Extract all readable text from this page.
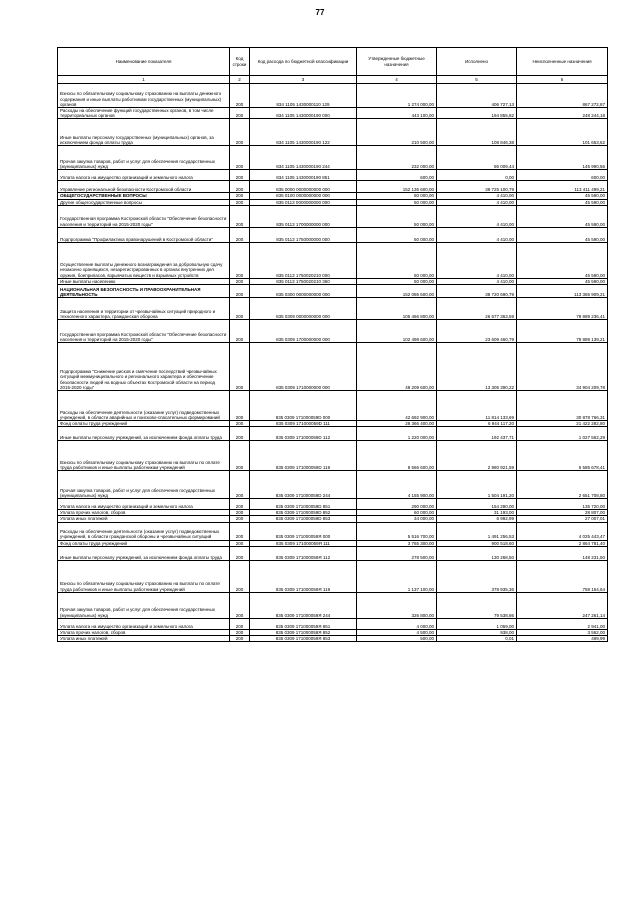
77
Наименование показателя	Код строки	Код расхода по бюджетной классификации	Утвержденные бюджетные назначения	Исполнено	Неисполненные назначения
1	2	3	4	5	6
Взносы по обязательному социальному страхованию на выплаты денежного содержания и иные выплаты работникам государственных (муниципальных) органов	200	834 1105 1430000110 129	1 274 000,00	406 727,13	867 272,87
Расходы на обеспечение функций государственных органов, в том числе территориальных органов	200	834 1105 1430000190 000	443 100,00	194 855,82	248 244,18
Иные выплаты персоналу государственных (муниципальных) органов, за исключением фонда оплаты труда	200	834 1105 1430000190 122	210 500,00	108 846,38	101 653,62
Прочая закупка товаров, работ и услуг для обеспечения государственных (муниципальных) нужд	200	834 1105 1430000190 244	232 000,00	86 009,44	145 990,56
Уплата налога на имущество организаций и земельного налога	200	834 1105 1430000190 851	600,00	0,00	600,00
Управление региональной безопасности Костромской области	200	835 0000 0000000000 000	152 136 600,00	38 725 100,79	113 411 499,21
ОБЩЕГОСУДАРСТВЕННЫЕ ВОПРОСЫ	200	835 0100 0000000000 000	50 000,00	4 410,00	45 590,00
Другие общегосударственные вопросы	200	835 0113 0000000000 000	50 000,00	4 410,00	45 590,00
Государственная программа Костромской области "Обеспечение безопасности населения и территорий на 2015-2020 годы"	200	835 0113 1700000000 000	50 000,00	4 410,00	45 590,00
Подпрограмма "Профилактика правонарушений в Костромской области"	200	835 0113 1750000000 000	50 000,00	4 410,00	45 590,00
Осуществление выплаты денежного вознаграждения за добровольную сдачу незаконно хранящихся, незарегистрированных в органах внутренних дел оружия, боеприпасов, взрывчатых веществ и взрывных устройств	200	835 0113 1750020210 000	50 000,00	4 410,00	45 590,00
Иные выплаты населению	200	835 0113 1750020210 360	50 000,00	4 410,00	45 590,00
НАЦИОНАЛЬНАЯ БЕЗОПАСНОСТЬ И ПРАВООХРАНИТЕЛЬНАЯ ДЕЯТЕЛЬНОСТЬ	200	835 0300 0000000000 000	152 086 600,00	38 720 690,79	113 365 909,21
Защита населения и территории от чрезвычайных ситуаций природного и техногенного характера, гражданская оборона	200	835 0309 0000000000 000	105 466 800,00	26 577 363,59	78 889 236,41
Государственная программа Костромской области "Обеспечение безопасности населения и территорий на 2015-2020 годы"	200	835 0309 1700000000 000	102 498 600,00	23 609 460,79	78 889 139,21
Подпрограмма "Снижение рисков и смягчение последствий чрезвычайных ситуаций межмуниципального и регионального характера и обеспечение безопасности людей на водных объектах Костромской области на период 2015-2020 годы"	200	835 0309 1710000000 000	48 209 600,00	13 305 390,22	34 904 209,78
Расходы на обеспечение деятельности (оказание услуг) подведомственных учреждений, в области аварийных и поисково-спасательных формирований	200	835 0309 171000059D 000	42 692 900,00	11 814 133,69	30 878 766,31
Фонд оплаты труда учреждений	200	835 0309 171000059D 111	28 366 400,00	6 944 117,20	21 422 282,80
Иные выплаты персоналу учреждений, за исключением фонда оплаты труда	200	835 0309 171000059D 112	1 220 000,00	192 437,71	1 027 562,29
Взносы по обязательному социальному страхованию на выплаты по оплате труда работников и иные выплаты работникам учреждений	200	835 0309 171000059D 119	8 566 600,00	2 980 921,59	5 585 678,41
Прочая закупка товаров, работ и услуг для обеспечения государственных (муниципальных) нужд	200	835 0309 171000059D 244	4 155 900,00	1 504 191,20	2 651 708,80
Уплата налога на имущество организаций и земельного налога	200	835 0309 171000059D 851	290 000,00	154 280,00	135 720,00
Уплата прочих налогов, сборов	200	835 0309 171000059D 852	60 000,00	31 193,00	28 807,00
Уплата иных платежей	200	835 0309 171000059D 853	34 000,00	6 992,99	27 007,01
Расходы на обеспечение деятельности (оказание услуг) подведомственных учреждений, в области гражданской обороны и чрезвычайных ситуаций	200	835 0309 171000059Я 000	5 516 700,00	1 491 256,53	4 025 443,47
Фонд оплаты труда учреждений	200	835 0309 171000059Я 111	3 765 300,00	900 518,60	2 864 781,40
Иные выплаты персоналу учреждений, за исключением фонда оплаты труда	200	835 0309 171000059Я 112	278 500,00	130 268,50	148 231,50
Взносы по обязательному социальному страхованию на выплаты по оплате труда работников и иные выплаты работникам учреждений	200	835 0309 171000059Я 119	1 137 100,00	378 935,36	758 164,64
Прочая закупка товаров, работ и услуг для обеспечения государственных (муниципальных) нужд	200	835 0309 171000059Я 244	326 800,00	79 538,86	247 261,14
Уплата налога на имущество организаций и земельного налога	200	835 0309 171000059Я 851	4 000,00	1 059,00	2 941,00
Уплата прочих налогов, сборов	200	835 0309 171000059Я 852	4 500,00	938,00	3 562,00
Уплата иных платежей	200	835 0309 171000059Я 853	500,00	0,01	499,99
